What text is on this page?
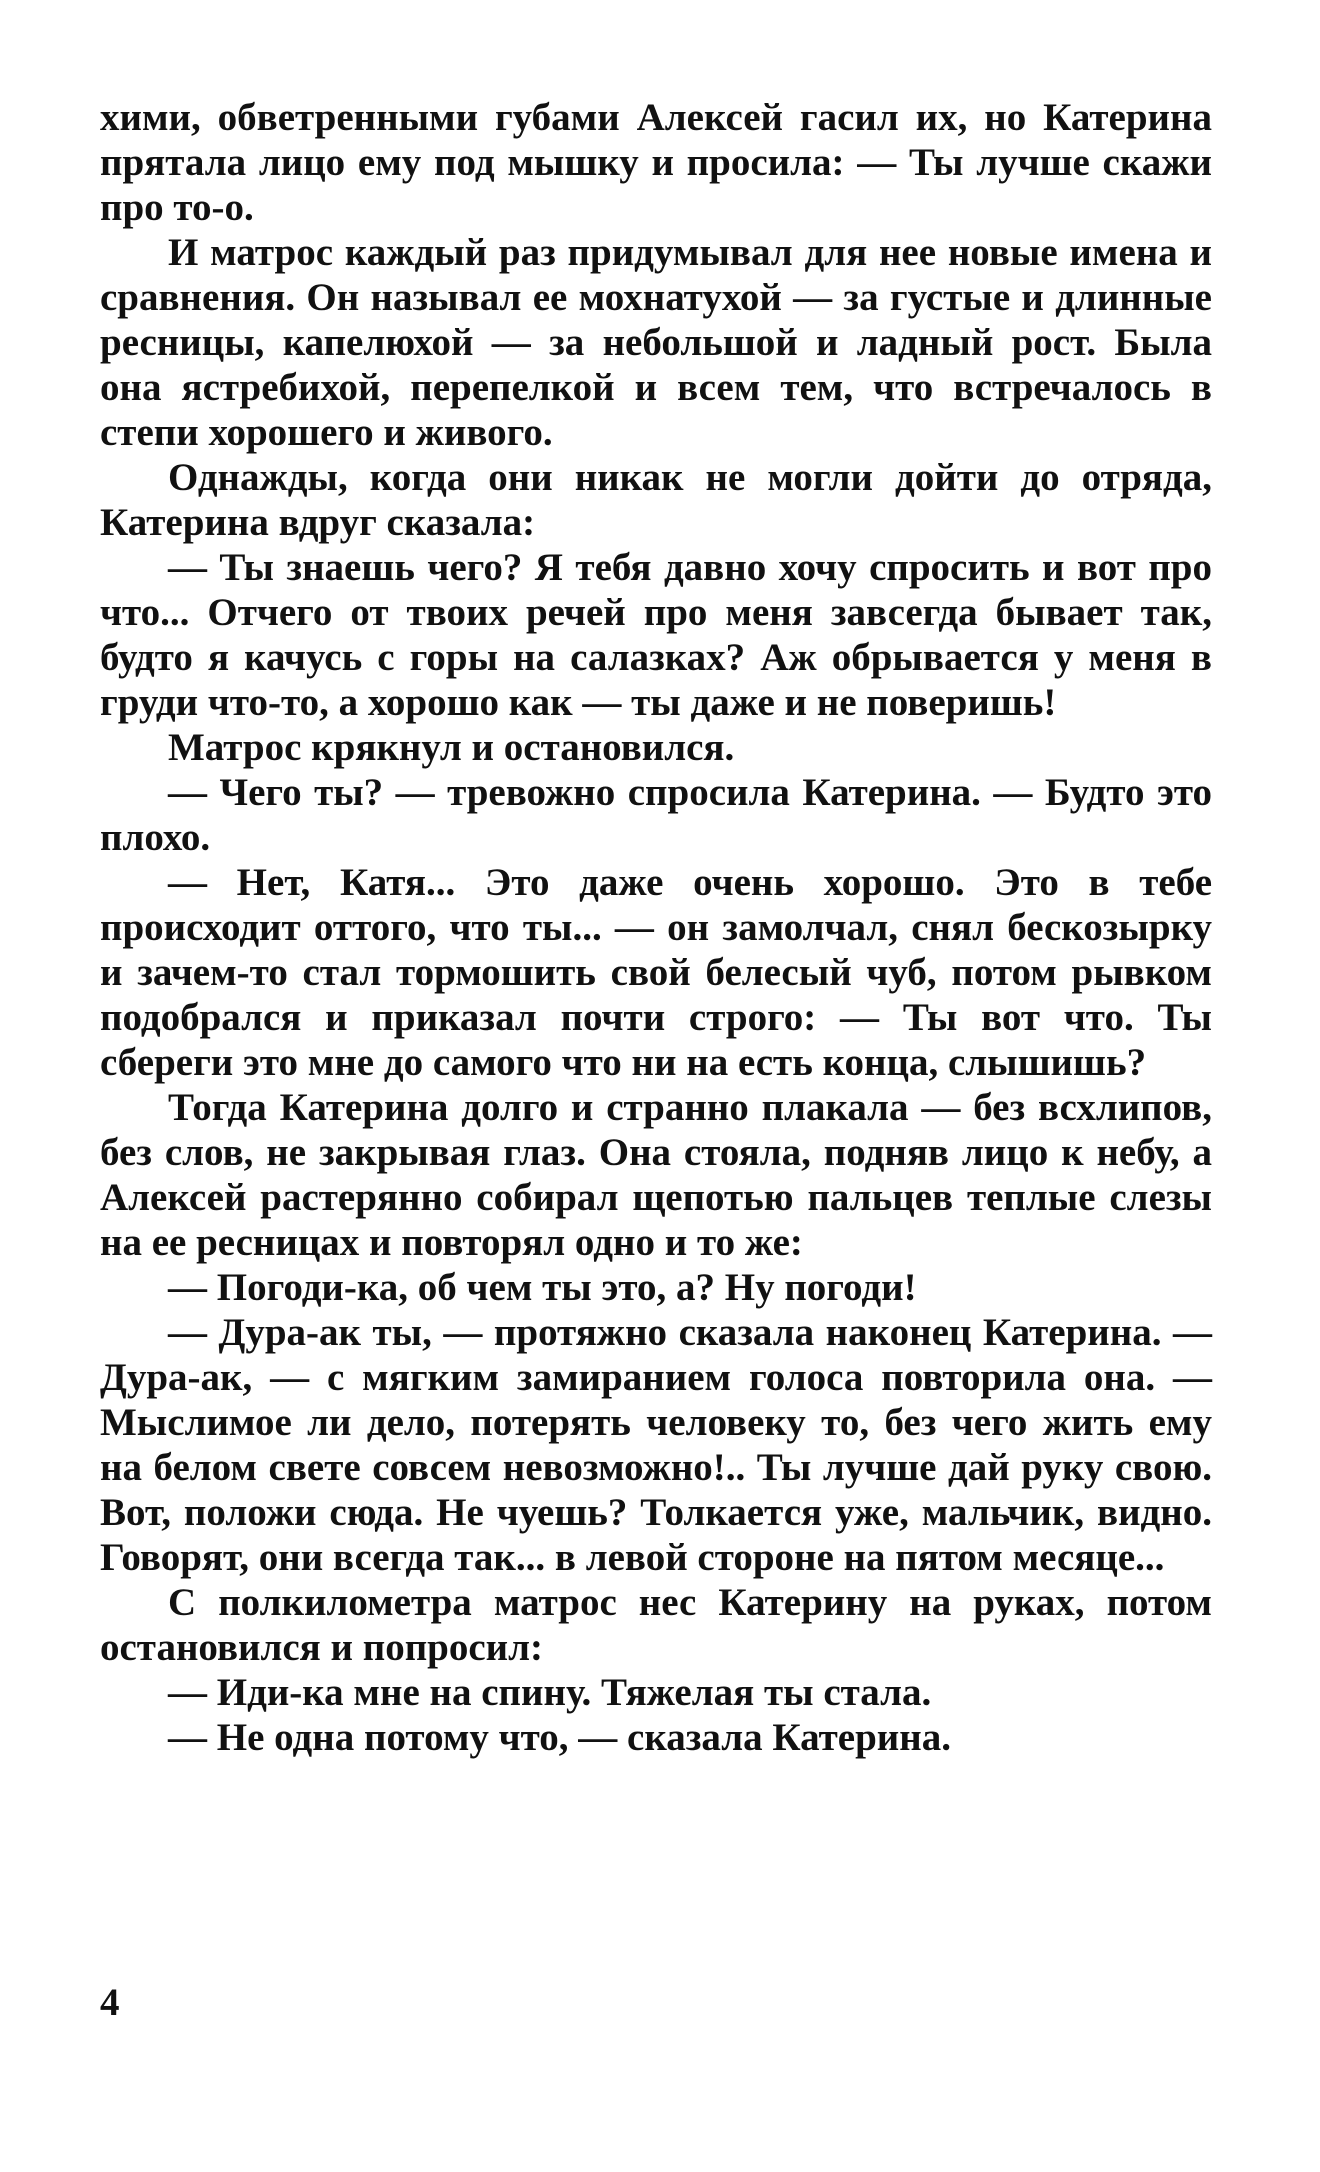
хими, обветренными губами Алексей гасил их, но Катерина прятала лицо ему под мышку и просила: — Ты лучше скажи про то-о.

И матрос каждый раз придумывал для нее новые имена и сравнения. Он называл ее мохнатухой — за густые и длинные ресницы, капелюхой — за небольшой и ладный рост. Была она ястребихой, перепелкой и всем тем, что встречалось в степи хорошего и живого.

Однажды, когда они никак не могли дойти до отряда, Катерина вдруг сказала:

— Ты знаешь чего? Я тебя давно хочу спросить и вот про что... Отчего от твоих речей про меня завсегда бывает так, будто я качусь с горы на салазках? Аж обрывается у меня в груди что-то, а хорошо как — ты даже и не поверишь!

Матрос крякнул и остановился.

— Чего ты? — тревожно спросила Катерина. — Будто это плохо.

— Нет, Катя... Это даже очень хорошо. Это в тебе происходит оттого, что ты... — он замолчал, снял бескозырку и зачем-то стал тормошить свой белесый чуб, потом рывком подобрался и приказал почти строго: — Ты вот что. Ты сбереги это мне до самого что ни на есть конца, слышишь?

Тогда Катерина долго и странно плакала — без всхлипов, без слов, не закрывая глаз. Она стояла, подняв лицо к небу, а Алексей растерянно собирал щепотью пальцев теплые слезы на ее ресницах и повторял одно и то же:

— Погоди-ка, об чем ты это, а? Ну погоди!

— Дура-ак ты, — протяжно сказала наконец Катерина. — Дура-ак, — с мягким замиранием голоса повторила она. — Мыслимое ли дело, потерять человеку то, без чего жить ему на белом свете совсем невозможно!.. Ты лучше дай руку свою. Вот, положи сюда. Не чуешь? Толкается уже, мальчик, видно. Говорят, они всегда так... в левой стороне на пятом месяце...

С полкилометра матрос нес Катерину на руках, потом остановился и попросил:

— Иди-ка мне на спину. Тяжелая ты стала.

— Не одна потому что, — сказала Катерина.

4
